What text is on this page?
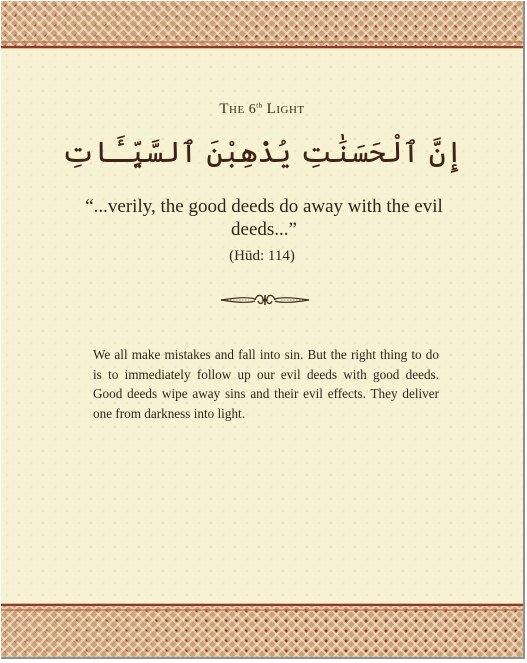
THE 6th LIGHT
إِنَّ ٱلْحَسَنَٰتِ يُذْهِبْنَ ٱلسَّيِّـَٔاتِ
“...verily, the good deeds do away with the evil deeds...”
(Hūd: 114)

We all make mistakes and fall into sin. But the right thing to do is to immediately follow up our evil deeds with good deeds. Good deeds wipe away sins and their evil effects. They deliver one from darkness into light.
